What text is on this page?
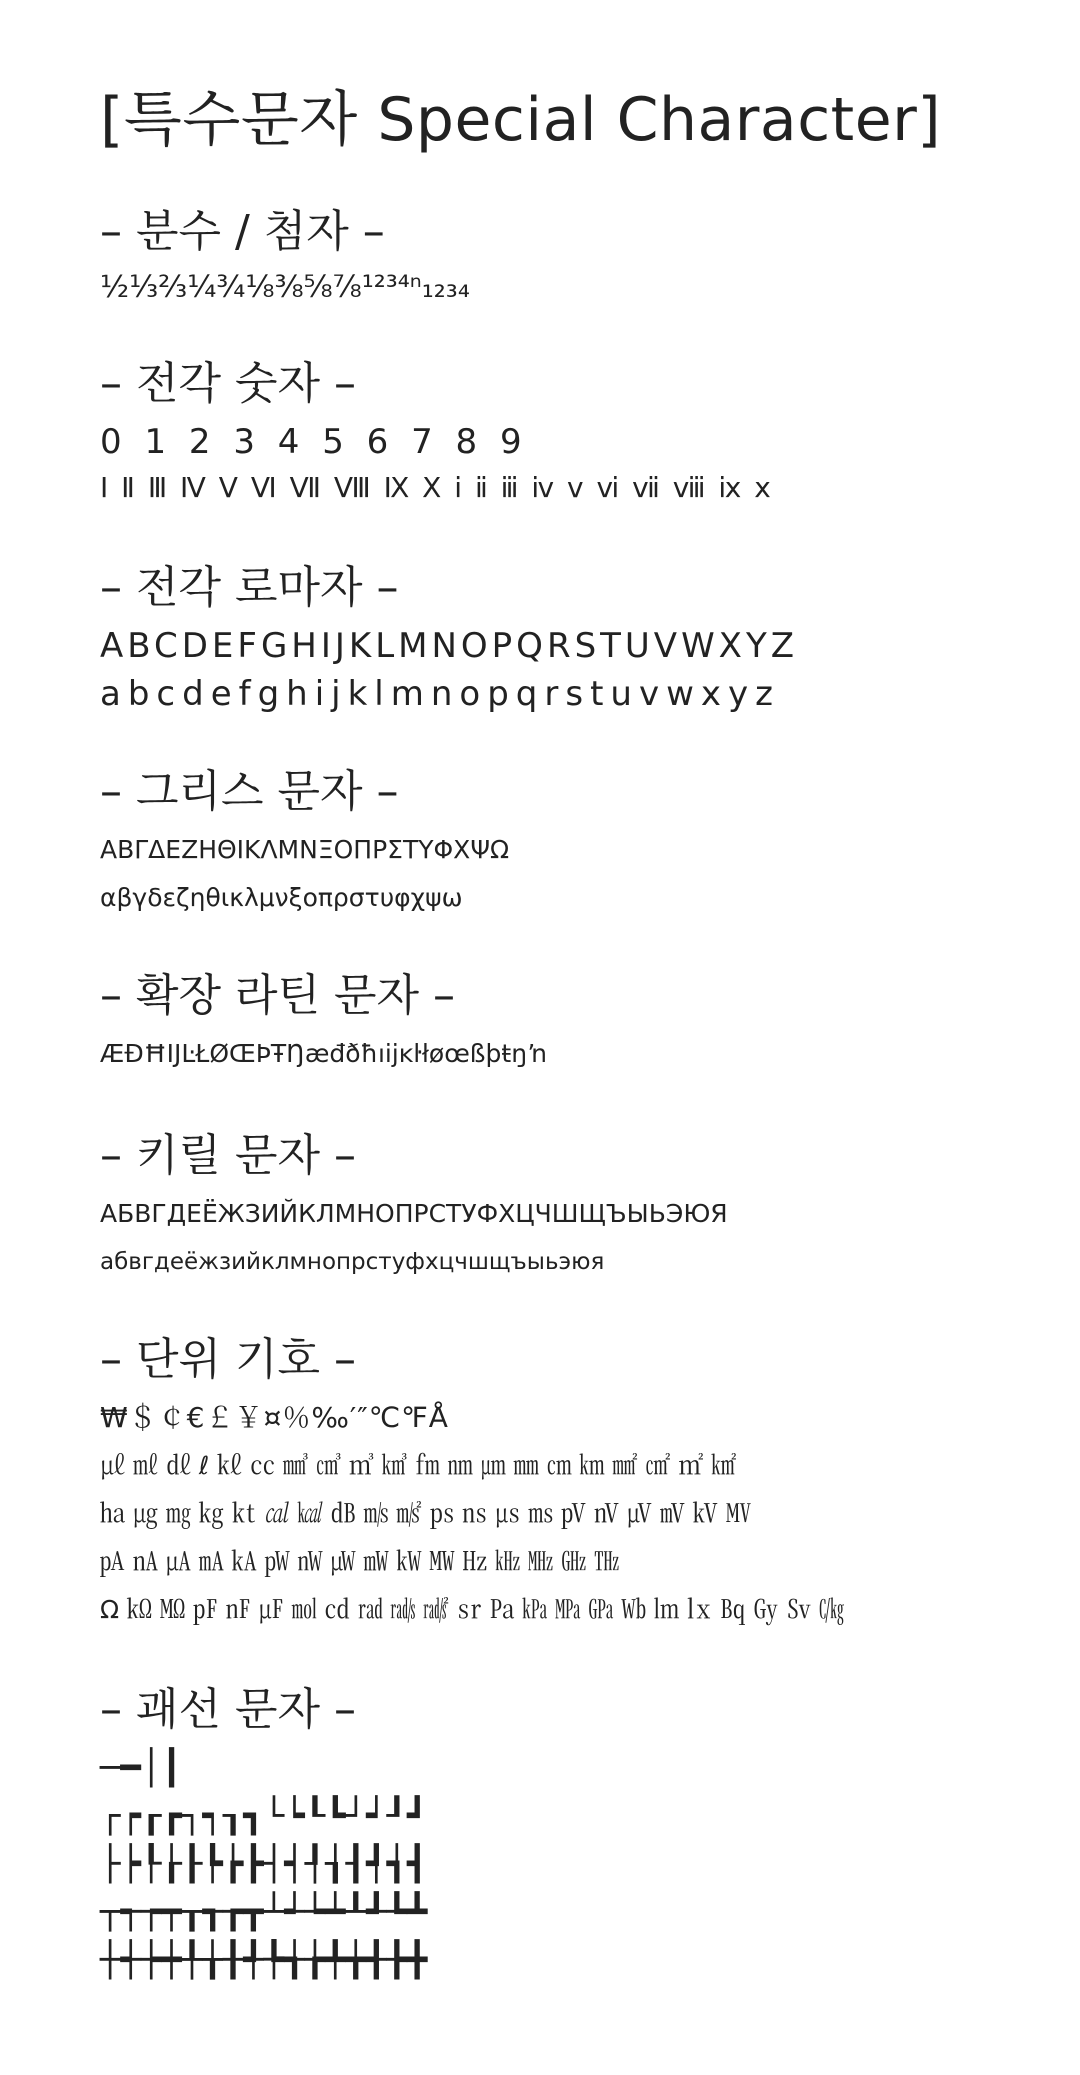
[특수문자 Special Character]
– 분수 / 첨자 –
½⅓⅔¼¾⅛⅜⅝⅞¹²³⁴ⁿ₁₂₃₄
– 전각 숫자 –
0 1 2 3 4 5 6 7 8 9
Ⅰ Ⅱ Ⅲ Ⅳ Ⅴ Ⅵ Ⅶ Ⅷ Ⅸ Ⅹ ⅰ ⅱ ⅲ ⅳ ⅴ ⅵ ⅶ ⅷ ⅸ ⅹ
– 전각 로마자 –
ABCDEFGHIJKLMNOPQRSTUVWXYZ
abcdefghijklmnopqrstuvwxyz
– 그리스 문자 –
ΑΒΓΔΕΖΗΘΙΚΛΜΝΞΟΠΡΣΤΥΦΧΨΩ
αβγδεζηθικλμνξοπρστυφχψω
– 확장 라틴 문자 –
ÆÐĦĲĿŁØŒÞŦŊæđðħıĳĸŀłøœßþŧŋŉ
– 키릴 문자 –
АБВГДЕЁЖЗИЙКЛМНОПРСТУФХЦЧШЩЪЫЬЭЮЯ
абвгдеёжзийклмнопрстуфхцчшщъыьэюя
– 단위 기호 –
₩＄￠€￡￥¤％‰′″℃℉Å
㎕ ㎖ ㎗ ℓ ㎘ ㏄ ㎣ ㎤ ㎥ ㎦ ㎙ ㎚ ㎛ ㎜ ㎝ ㎞ ㎟ ㎠ ㎡ ㎢
㏊ ㎍ ㎎ ㎏ ㏏ ㎈ ㎉ ㏈ ㎧ ㎨ ㎰ ㎱ ㎲ ㎳ ㎴ ㎵ ㎶ ㎷ ㎸ ㎹
㎀ ㎁ ㎂ ㎃ ㎄ ㎺ ㎻ ㎼ ㎽ ㎾ ㎿ ㎐ ㎑ ㎒ ㎓ ㎔
Ω ㏀ ㏁ ㎊ ㎋ ㎌ ㏖ ㏅ ㎭ ㎮ ㎯ ㏛ ㎩ ㎪ ㎫ ㎬ ㏝ ㏐ ㏓ ㏃ ㏉ ㏜ ㏆
– 괘선 문자 –
─━│┃
┌┍┎┏┐┑┒┓└┕┖┗┘┙┚┛
├┝┞┟┠┡┢┣┤┥┦┧┨┩┪┫
┬┭┮┯┰┱┲┳┴┵┶┷┸┹┺┻
┼┽┾┿╀╁╂╃╄╅╆╇╈╉╊╋
